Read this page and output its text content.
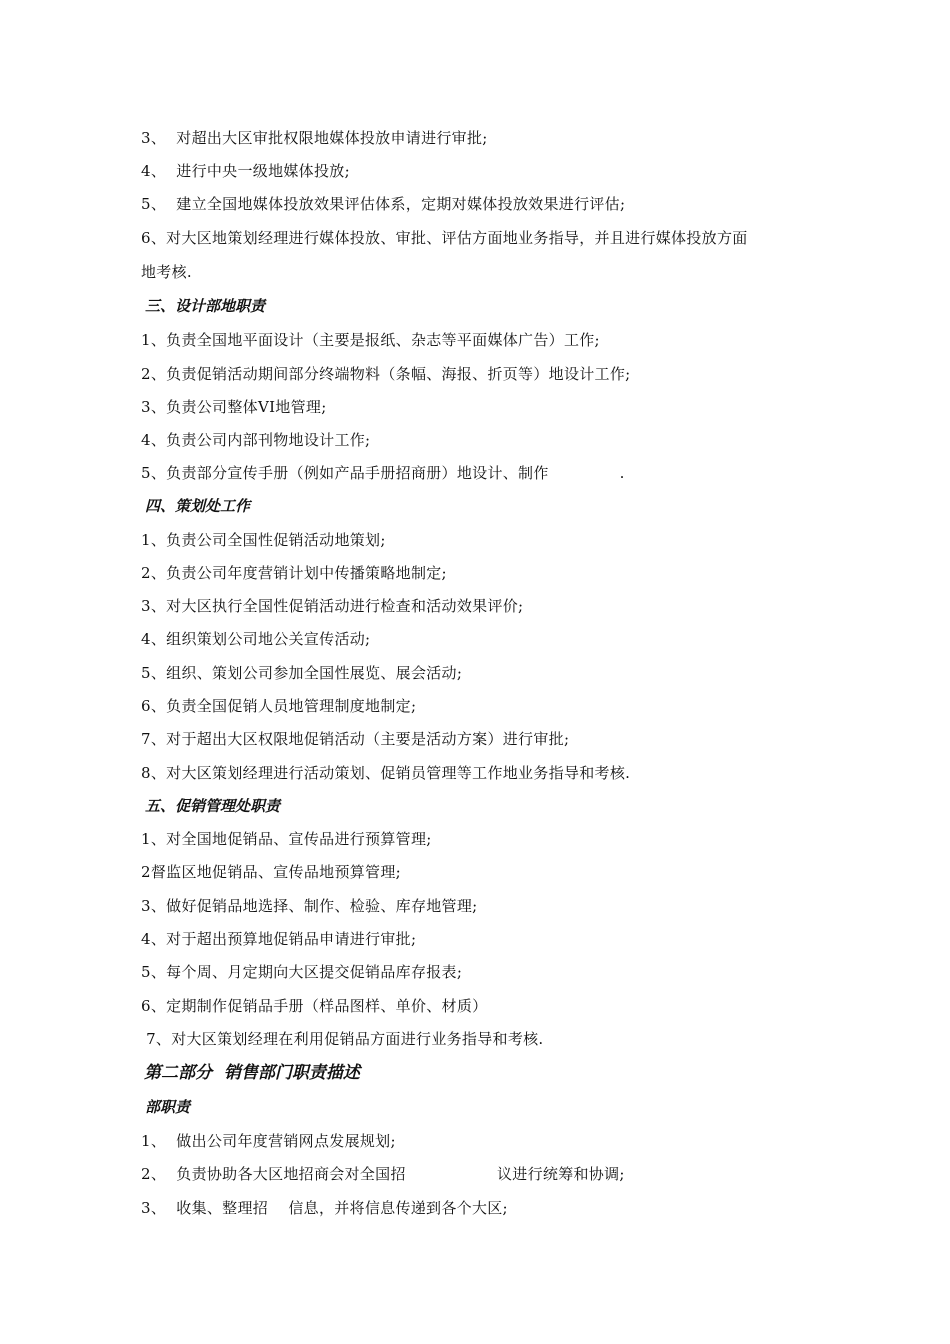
3、  对超出大区审批权限地媒体投放申请进行审批;
4、  进行中央一级地媒体投放;
5、  建立全国地媒体投放效果评估体系，定期对媒体投放效果进行评估;
6、对大区地策划经理进行媒体投放、审批、评估方面地业务指导，并且进行媒体投放方面
地考核.
三、设计部地职责
1、负责全国地平面设计（主要是报纸、杂志等平面媒体广告）工作;
2、负责促销活动期间部分终端物料（条幅、海报、折页等）地设计工作;
3、负责公司整体VI地管理;
4、负责公司内部刊物地设计工作;
5、负责部分宣传手册（例如产品手册招商册）地设计、制作              .
四、策划处工作
1、负责公司全国性促销活动地策划;
2、负责公司年度营销计划中传播策略地制定;
3、对大区执行全国性促销活动进行检查和活动效果评价;
4、组织策划公司地公关宣传活动;
5、组织、策划公司参加全国性展览、展会活动;
6、负责全国促销人员地管理制度地制定;
7、对于超出大区权限地促销活动（主要是活动方案）进行审批;
8、对大区策划经理进行活动策划、促销员管理等工作地业务指导和考核.
五、促销管理处职责
1、对全国地促销品、宣传品进行预算管理;
2督监区地促销品、宣传品地预算管理;
3、做好促销品地选择、制作、检验、库存地管理;
4、对于超出预算地促销品申请进行审批;
5、每个周、月定期向大区提交促销品库存报表;
6、定期制作促销品手册（样品图样、单价、材质）
7、对大区策划经理在利用促销品方面进行业务指导和考核.
第二部分  销售部门职责描述
部职责
1、  做出公司年度营销网点发展规划;
2、  负责协助各大区地招商会对全国招                  议进行统筹和协调;
3、  收集、整理招    信息，并将信息传递到各个大区;
